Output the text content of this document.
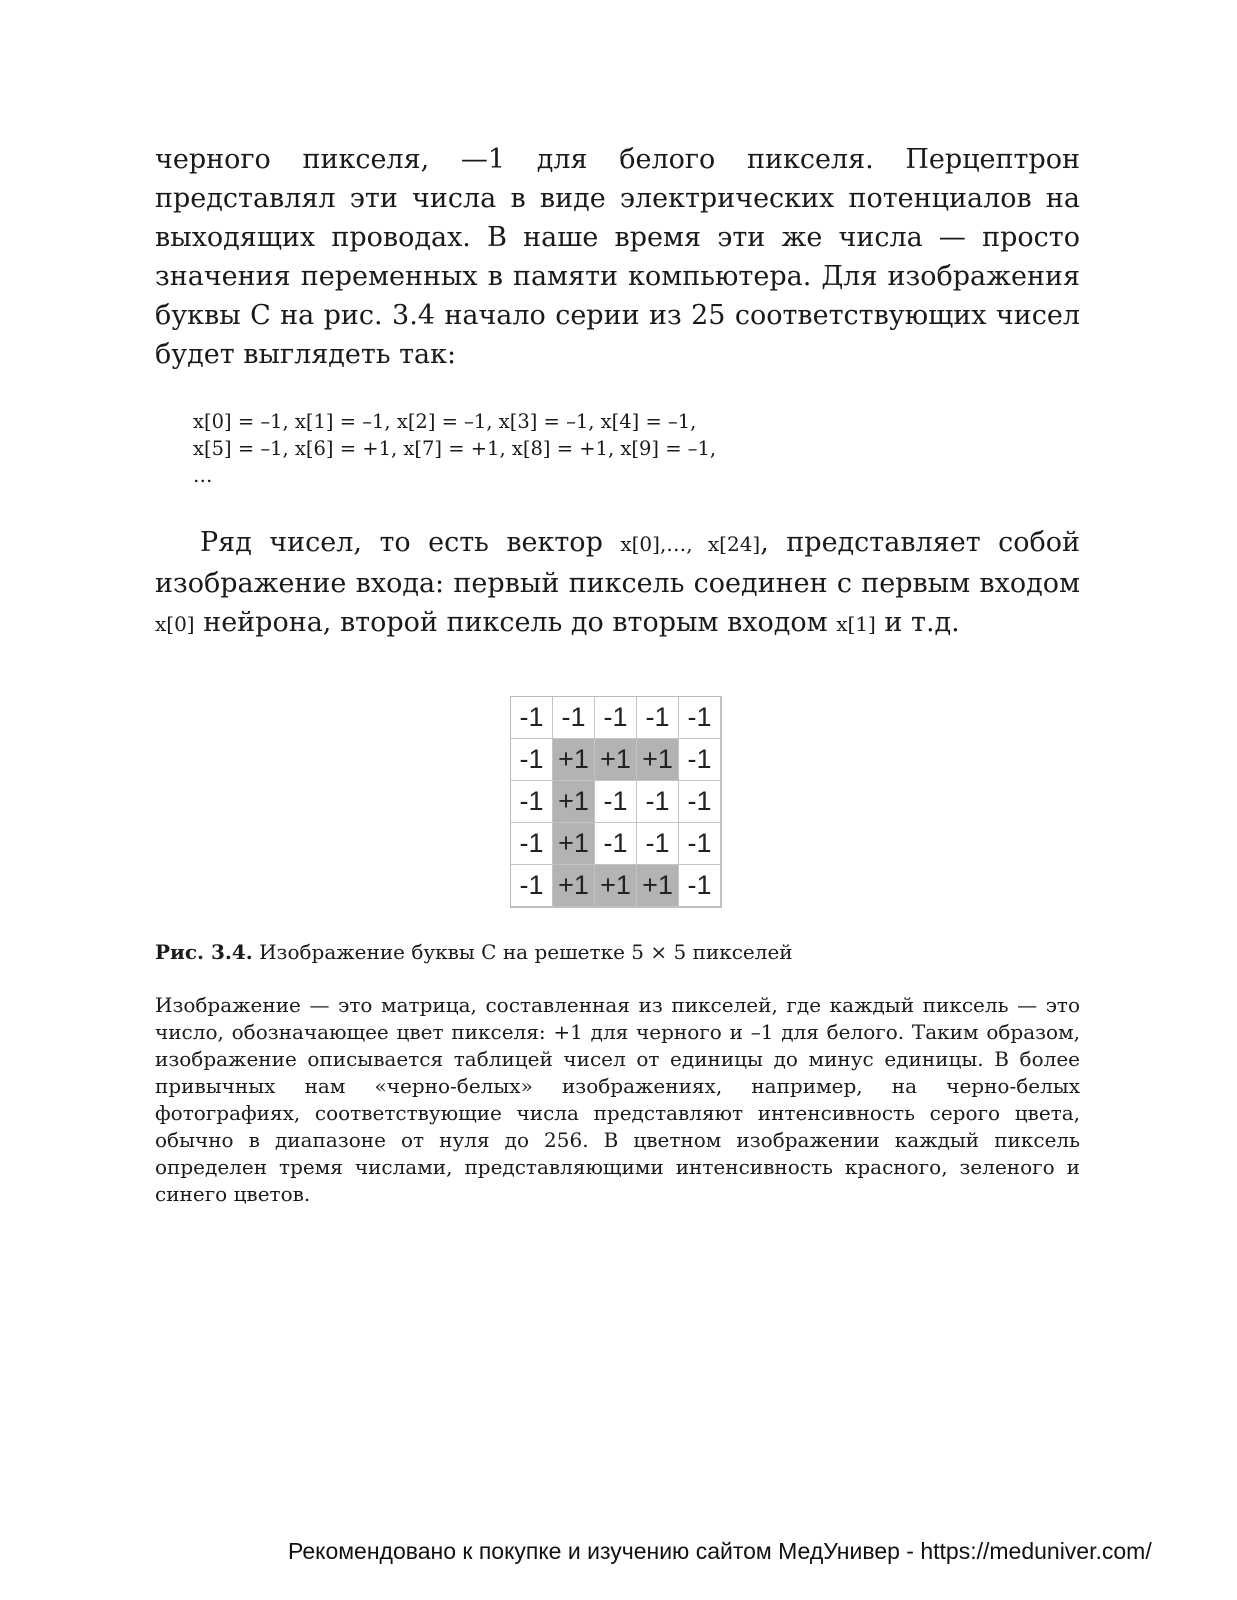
черного пикселя, —1 для белого пикселя. Перцептрон представлял эти числа в виде электрических потенциалов на выходящих проводах. В наше время эти же числа — просто значения переменных в памяти компьютера. Для изображения буквы С на рис. 3.4 начало серии из 25 соответствующих чисел будет выглядеть так:

x[0] = –1, x[1] = –1, x[2] = –1, x[3] = –1, x[4] = –1,
x[5] = –1, x[6] = +1, x[7] = +1, x[8] = +1, x[9] = –1,
…

Ряд чисел, то есть вектор x[0],…, x[24], представляет собой изображение входа: первый пиксель соединен с первым входом x[0] нейрона, второй пиксель до вторым входом x[1] и т.д.

-1 -1 -1 -1 -1
-1 +1 +1 +1 -1
-1 +1 -1 -1 -1
-1 +1 -1 -1 -1
-1 +1 +1 +1 -1

Рис. 3.4. Изображение буквы С на решетке 5 × 5 пикселей

Изображение — это матрица, составленная из пикселей, где каждый пиксель — это число, обозначающее цвет пикселя: +1 для черного и –1 для белого. Таким образом, изображение описывается таблицей чисел от единицы до минус единицы. В более привычных нам «черно-белых» изображениях, например, на черно-белых фотографиях, соответствующие числа представляют интенсивность серого цвета, обычно в диапазоне от нуля до 256. В цветном изображении каждый пиксель определен тремя числами, представляющими интенсивность красного, зеленого и синего цветов.

Рекомендовано к покупке и изучению сайтом МедУнивер - https://meduniver.com/
